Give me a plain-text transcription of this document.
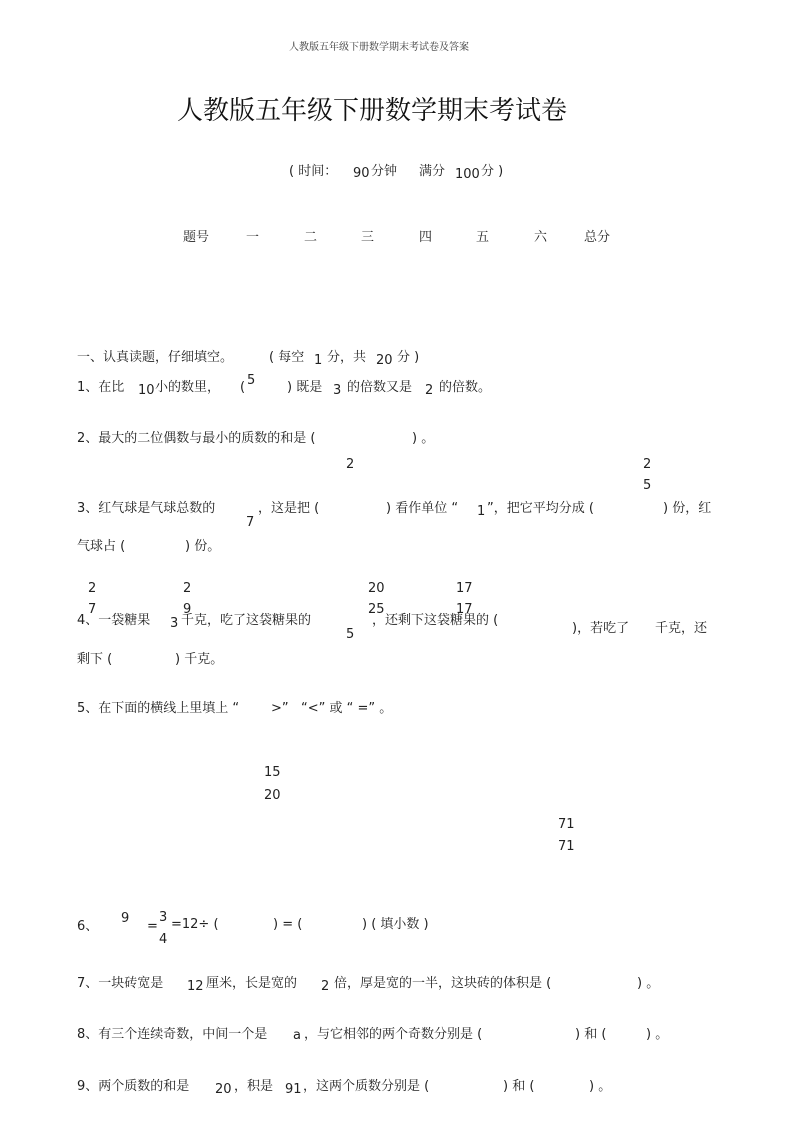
人教版五年级下册数学期末考试卷及答案
人教版五年级下册数学期末考试卷
( 时间： 90 分钟 满分 100 分 )
题号	一	二	三	四	五	六	总分
一、认真读题，仔细填空。	( 每空 1 分，共 20 分 )
1、在比 10 小的数里， ( 5 ) 既是 3 的倍数又是 2 的倍数。
2、最大的二位偶数与最小的质数的和是 (	) 。
2
7
2
5
3、红气球是气球总数的	，这是把 (	) 看作单位 “ 1 ”，把它平均分成 (	) 份，红
气球占 (	) 份。
2
7
2
9
20
25
17
17
4、一袋糖果 3 千克，吃了这袋糖果的
5
，还剩下这袋糖果的 (
)，若吃了 千克，还
剩下 (	) 千克。
5、在下面的横线上里填上 “ >” “<” 或 “ =” 。
15
20
71
71
9
=
3
4
6、	=12÷ (	) = (	) ( 填小数 )
7、一块砖宽是 12 厘米，长是宽的 2 倍，厚是宽的一半，这块砖的体积是 (	) 。
8、有三个连续奇数，中间一个是 a ，与它相邻的两个奇数分别是 (	) 和 (	) 。
9、两个质数的和是 20 ，积是 91 ，这两个质数分别是 (	) 和 (	) 。
